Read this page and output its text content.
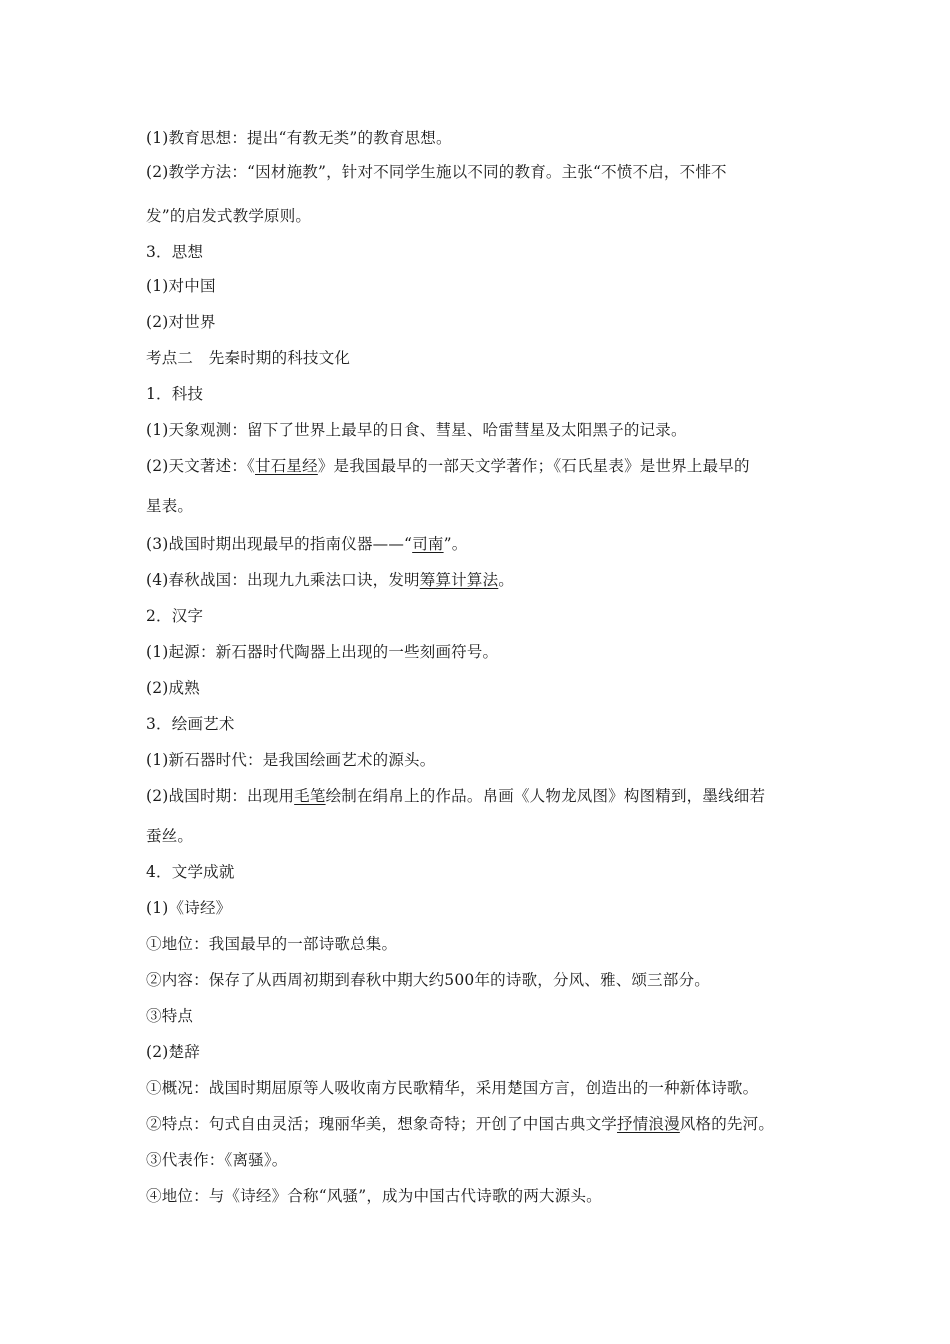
(1)教育思想：提出“有教无类”的教育思想。
(2)教学方法：“因材施教”，针对不同学生施以不同的教育。主张“不愤不启，不悱不
发”的启发式教学原则。
3．思想
(1)对中国
(2)对世界
考点二　先秦时期的科技文化
1．科技
(1)天象观测：留下了世界上最早的日食、彗星、哈雷彗星及太阳黑子的记录。
(2)天文著述：《甘石星经》是我国最早的一部天文学著作；《石氏星表》是世界上最早的
星表。
(3)战国时期出现最早的指南仪器——“司南”。
(4)春秋战国：出现九九乘法口诀，发明筹算计算法。
2．汉字
(1)起源：新石器时代陶器上出现的一些刻画符号。
(2)成熟
3．绘画艺术
(1)新石器时代：是我国绘画艺术的源头。
(2)战国时期：出现用毛笔绘制在绢帛上的作品。帛画《人物龙凤图》构图精到，墨线细若
蚕丝。
4．文学成就
(1)《诗经》
①地位：我国最早的一部诗歌总集。
②内容：保存了从西周初期到春秋中期大约500年的诗歌，分风、雅、颂三部分。
③特点
(2)楚辞
①概况：战国时期屈原等人吸收南方民歌精华，采用楚国方言，创造出的一种新体诗歌。
②特点：句式自由灵活；瑰丽华美，想象奇特；开创了中国古典文学抒情浪漫风格的先河。
③代表作：《离骚》。
④地位：与《诗经》合称“风骚”，成为中国古代诗歌的两大源头。
